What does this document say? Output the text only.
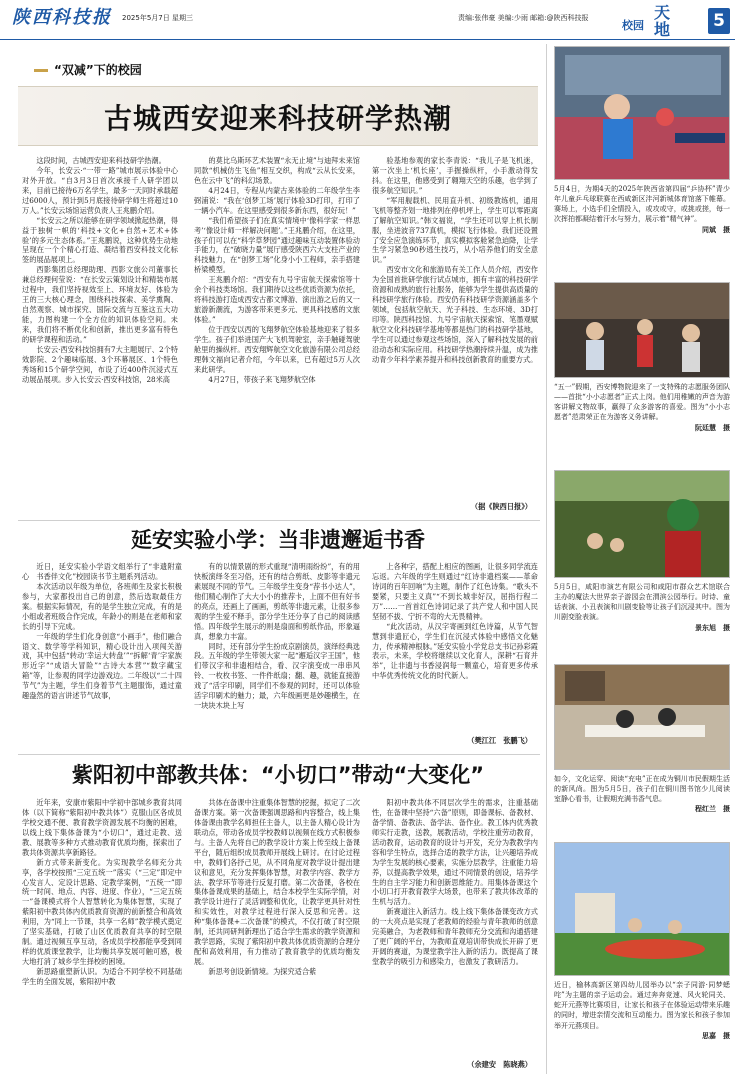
陕西科技报 2025年5月7日 星期三	责编:张伟豪 美编:少雨 邮箱:@陕西科技报
校园
天地	5
“双减”下的校园
古城西安迎来科技研学热潮

这段时间，古城西安迎来科技研学热潮。

今年，长安云·“一带一路”城市展示体验中心对外开放。“自3月3日首次承接千人研学团以来，目前已接待6万名学生，最多一天同时承载超过6000人，预计到5月底接待研学师生将超过10万人。”长安云场馆运营负责人王兆鹏介绍。

“长安云之所以能够在研学领域掀起热潮，得益于独树一帜的‘科技+文化+自然+艺术+体验’的多元生态体系。”王兆鹏说，这种优势生动地呈现在一个个精心打造、凝结着西安科技文化标签的展品展项上。

西影集团总经理助理、西影文旅公司董事长兼总经理何莹说：“在长安云策划设计和精装布展过程中，我们坚持视效至上、环境友好、体验为王的三大核心理念，围绕科技探索、美学熏陶、自然观察、城市探究、国际交流与互鉴这五大功能，力图构建一个全方位的知识体验空间。未来，我们将不断优化和创新，推出更多富有特色的研学课程和活动。”

长安云·西安科技馆拥有7大主题展厅、2个特效影院、2个趣味临展、3个环幕展区、1个特色秀场和15个研学空间，布设了近400件沉浸式互动展品展项。步入长安云·西安科技馆，28米高

的莫比乌斯环艺术装置“永无止境”与迪拜未来馆同款“机械仿生飞鱼”相互交织，构成“云从长安来，色在云中飞”的科幻场景。

4月24日，专程从内蒙古来体验的二年级学生李弼浦说：“我在‘创梦工场’展厅体验3D打印，打印了一辆小汽车。在这里感受到很多新东西，很好玩！”

“我们希望孩子们在真实情境中‘像科学家一样思考’‘像设计师一样解决问题’。”王兆鹏介绍，在这里，孩子们可以在“科学草梦园”通过趣味互动装置体验动手能力，在“破晓力量”展厅感受陕西六大支柱产业的科技魅力，在“创梦工场”化身小小工程师，亲手搭建桥梁模型。

王兆鹏介绍：“西安有九号宇宙航天探索馆等十余个科技类场馆。我们期待以这些优质资源为依托，将科技游打造成西安古都文博游、演出游之后的又一旅游新潮流，为游客带来更多元、更具科技感的文旅体验。”

位于西安以西的飞翔梦航空体验基地迎来了很多学生。孩子们举进国产大飞机驾驶室，亲手触碰驾驶舱里的操纵杆。西安翔辉航空文化旅游有限公司总经理韩文福向记者介绍，今年以来，已有超过5万人次来此研学。

4月27日，带孩子来飞翔梦航空体

验基地参观的家长李青说：“我儿子是飞机迷，第一次坐上‘机长座’，手握操纵杆，小手激动得发抖。在这里，他感受到了翱翔天空的乐趣，也学到了很多航空知识。”

“军用舰载机、民用直升机、初级教练机，通用飞机等整齐划一地排列在停机坪上，学生可以零距离了解航空知识。”韩文福说，“学生还可以穿上机长制服，坐进波音737真机，模拟飞行体验。我们还设置了安全应急演练环节，真实模拟客舱紧急迫降，让学生学习紧急90秒逃生技巧，从小培养他们的安全意识。”

西安市文化和旅游局有关工作人员介绍，西安作为全国首批研学旅行试点城市，拥有丰富的科技研学资源和成熟的旅行社服务，能够为学生提供高质量的科技研学旅行体验。西安仍有科技研学资源涵盖多个领域，包括航空航天、光子科技、生态环境、3D打印等。陕西科技馆、九号宇宙航天探索馆、笔墨观赋航空文化科技研学基地等都是热门的科技研学基地，学生可以通过参观这些场馆，深入了解科技发展的前沿动态和实际应用。科技研学热潮持续升温，成为推动青少年科学素养提升和科技创新教育的重要方式。

（据《陕西日报》）
延安实验小学：当非遗邂逅书香

近日，延安实验小学语文组举行了“非遗附童心　书香伴文化”校园读书节主题系列活动。

本次活动以年级为单位，各班师生及家长积极参与，大家都投出自己的创意，然后选取最佳方案。根据实际情况，有的是学生独立完成，有的是小组或者班级合作完成，年龄小的则是在老师和家长的引导下完成。

一年级的学生们化身创意“小画手”，他们融合语文、数学等学科知识，精心设计出入项闯关游戏，其中包括“转动‘幸运大转盘’”“拆解‘青’字家族形近字”“成语大冒险”“古诗大本营”“数字藏宝箱”等，让参观的同学边游戏边。二年级以“二十四节气”为主题，学生们身着节气主题服饰，通过童趣盎然的语言讲述节气故事，

有的以情景剧的形式重现“清明雨纷纷”，有的用快板演绎冬至习俗，还有的结合剪纸、皮影等非遗元素展现不同的节气。三年级学生变身“荐书小达人”，他们精心制作了大大小小的推荐卡，上面不但有好书的亮点，还画上了画画，剪纸等非遗元素，让很多参观的学生爱不释手，部分学生还分享了自己的阅读感悟。四年级学生展示的则是扇面和剪纸作品，形象逼真，想象力丰富。

同时，还有部分学生扮成京剧演员，演绎经典选段。五年级的学生带领大家一起“邂逅汉字王国”，他们带汉字和非遗相结合，看、汉字演变成一串串风铃、一枚枚书签、一件件纸扇；翻、趣，就能直接游戏了“活字印刷，同学们不参观的同时，还可以体验活字印刷术的魅力；最，六年级画更是妙趣横生，在一块块木块上写

上各种字，搭配上相应的图画，让很多同学流连忘返。六年级的学生则通过“红诗非遗档案——革命诗词的百年回响”为主题，制作了红色诗集。“歌头不要紧，只要主义真”“不到长城非好汉，屈指行程二万”……一首首红色诗词记录了共产党人和中国人民坚韧不拔、宁折不弯的大无畏精神。

“此次活动，从汉字寄画到红色诗篇，从节气智慧到非遗匠心，学生们在沉浸式体验中感悟文化魅力，传承精神根脉。”延安实验小学党总支书记孙彩霞表示，未来，学校将继续以文化育人，深耕“石育并举”，让非遗与书香浸润每一颗童心，培育更多传承中华优秀传统文化的时代新人。

（樊江江　张鹏飞）
紫阳初中部教共体：“小切口”带动“大变化”

近年来，安康市紫阳中学初中部城乡教育共同体（以下简称“紫阳初中教共体”）克服山区各成员学校交通不便、教育教学资源发展不均衡的困难，以线上线下集体备课为“小切口”，通过走教、送教、展教等多种方式推动教育优质均衡，探索出了教共体资源共享新路径。

新方式带来新变化。为实现教学名师充分共享，各学校按照“三定五统一”落实（“三定”即定中心发言人、定设计思路、定教学案例，“五统一”即统一时间、地点、内容、进度、作业），“三定五统一”备课模式将个人智慧转化为集体智慧，实现了紫阳初中教共体内优质教育资源的前新整合和高效利用，为“同上一节课，共享一名师”教学模式奠定了坚实基础，打破了山区优质教育共享的时空限制。通过视频互享互动，各成员学校都能享受到同样的优质课堂教学，让均衡共享发展可触可感，极大地打消了城乡学生择校的困境。

新思路重塑新认识。为适合不同学校不同基础学生的全面发展，紫阳初中教

共体在备课中注重集体智慧的挖掘，拟定了二次备课方案。第一次备课强调思路和内容整合，线上集体备课由教学名师担任主备人，以主备人精心设计为联动点，带动各成员学校教师以视频在线方式积极参与。主备人先将自己的教学设计方案上传至线上备课平台，随后组织成员教师开展线上研讨。在讨论过程中，教师们各抒己见，从不同角度对教学设计提出建议和意见，充分发挥集体智慧，对教学内容、教学方法、教学环节等进行反复打磨。第二次备课，各校在集体备课成果的基础上，结合本校学生实际学情，对教学设计进行了灵活调整和优化，让教学更具针对性和实效性，对教学过程进行深入反思和完善。这种“集体备课+二次备课”的模式，不仅打破了时空限制，还共同研判新理出了适合学生需求的教学资源和教学思路，实现了紫阳初中教共体优质资源的合理分配和高效利用，有力推动了教育教学的优质均衡发展。

新思考创设新情境。为探究适合紫

阳初中教共体不同层次学生的需求，注重基础性，在备课中坚持“六备”原则，即备课标、备教材、备学情、备教法、备学法、备作业。教工体内优秀教师实行走教，送教，展教活动，学校注重劳动教育，活动教育，运动教育的设计与开发，充分为教教学内容和学生特点，选择合适的教学方法，让兴趣培养成为学生发展的核心要素，实施分层教学，注重能力培养，以提高教学效果，通过不同情景的创设，培养学生的自主学习能力和创新思维能力。用集体备课这个小切口打开教育教学大场景，也带来了教共体改革的生机与活力。

新赛道注入新活力。线上线下集体备课变改方式的一大亮点是实现了老教师的经验与青年教师的创意完美融合，为老教师和青年教师充分交流和沟通搭建了更广阔的平台，为教师直观培训带快成长开辟了更开阔的赛道，为课堂教学注入新的活力。既提高了课堂教学的吸引力和感染力，也激发了教研活力。

（余建安　陈晓燕）
5月4日，为期4天的2025年陕西省第四届“乒协杯”青少年儿童乒乓球联赛在西咸新区沣河新城体育馆落下帷幕。赛场上，小选手们全情投入，或攻或守，或挑或搓，每一次挥拍都凝结着汗水与努力，展示着“精气神”。

同斌　摄
“五一”假期，西安博物院迎来了一支特殊的志愿服务团队——首批“小小志愿者”正式上岗。他们用稚嫩的声音为游客讲解文物故事，赢得了众多游客的喜爱。图为“小小志愿者”范肃荣正在为游客义务讲解。

阮廷慧　摄
5月5日，咸阳市演艺有限公司和咸阳市群众艺术馆联合主办的魔法大世界亲子游园会在渭滨公园举行。时诗、童话表演、小丑表演和川剧变脸等让孩子们沉浸其中。图为川剧变脸表演。

景东旭　摄
如今，文化运穿、阅读“充电”正在成为铜川市民假期生活的新风尚。图为5月5日，孩子们在铜川图书馆少儿阅读室静心看书，让假期充满书香气息。

程红兰　摄
近日，榆林高新区第四幼儿园举办以“亲子同游·同梦蟋咤”为主题的亲子运动会。通过奔奔竞速、风火轮同关、蛇开元燕等比赛项目，让家长和孩子在体验运动带来乐趣的同时，增进亲情交流和互动能力。图为家长和孩子参加举开元燕项目。

思嘉　摄
